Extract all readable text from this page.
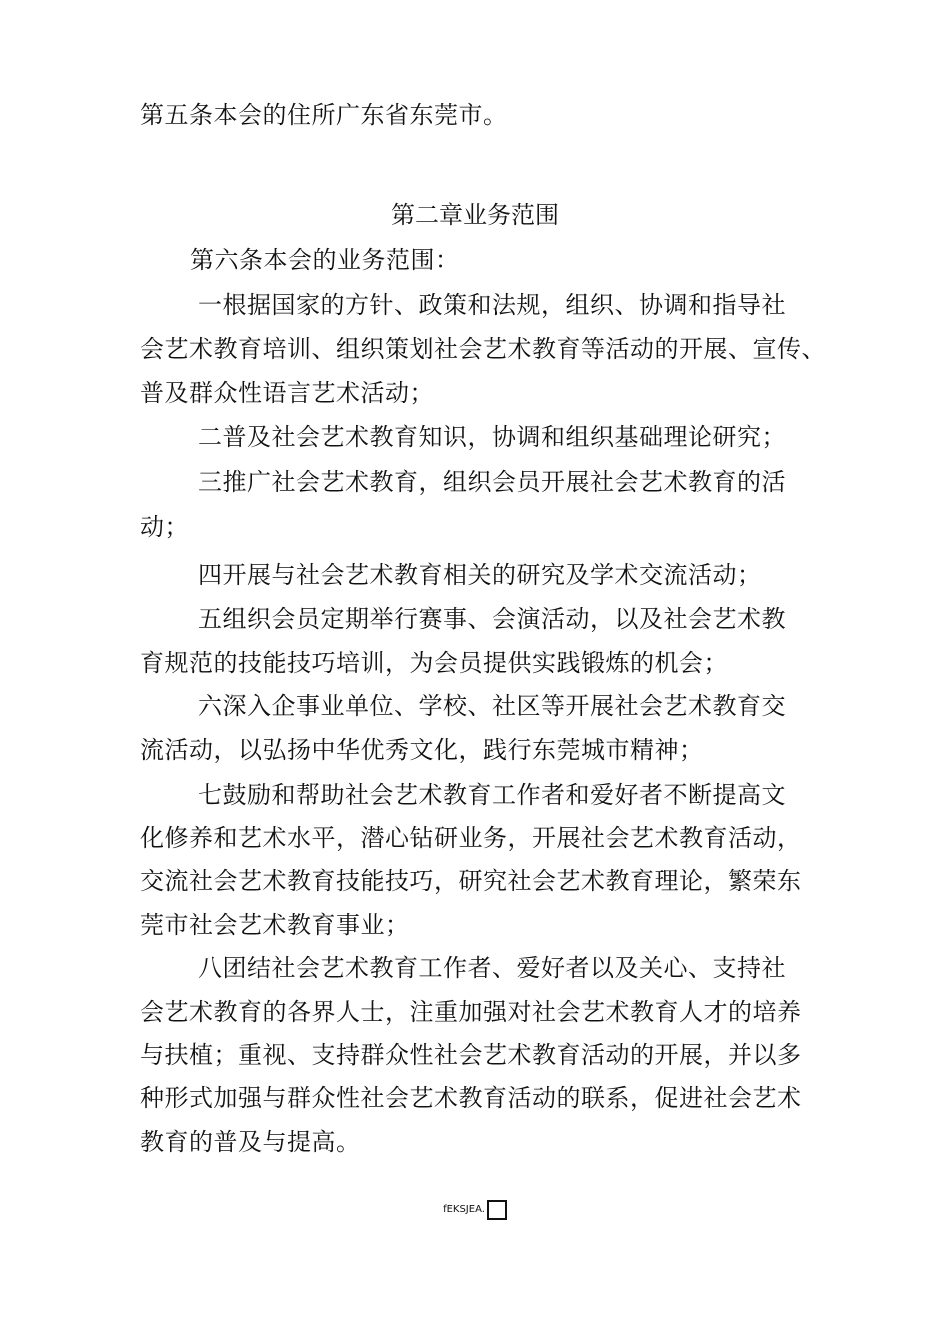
第五条本会的住所广东省东莞市。
第二章业务范围
第六条本会的业务范围：
一根据国家的方针、政策和法规，组织、协调和指导社
会艺术教育培训、组织策划社会艺术教育等活动的开展、宣传、
普及群众性语言艺术活动；
二普及社会艺术教育知识，协调和组织基础理论研究；
三推广社会艺术教育，组织会员开展社会艺术教育的活
动；
四开展与社会艺术教育相关的研究及学术交流活动；
五组织会员定期举行赛事、会演活动，以及社会艺术教
育规范的技能技巧培训，为会员提供实践锻炼的机会；
六深入企事业单位、学校、社区等开展社会艺术教育交
流活动，以弘扬中华优秀文化，践行东莞城市精神；
七鼓励和帮助社会艺术教育工作者和爱好者不断提高文
化修养和艺术水平，潜心钻研业务，开展社会艺术教育活动，
交流社会艺术教育技能技巧，研究社会艺术教育理论，繁荣东
莞市社会艺术教育事业；
八团结社会艺术教育工作者、爱好者以及关心、支持社
会艺术教育的各界人士，注重加强对社会艺术教育人才的培养
与扶植；重视、支持群众性社会艺术教育活动的开展，并以多
种形式加强与群众性社会艺术教育活动的联系，促进社会艺术
教育的普及与提高。
fEKSJEA.
